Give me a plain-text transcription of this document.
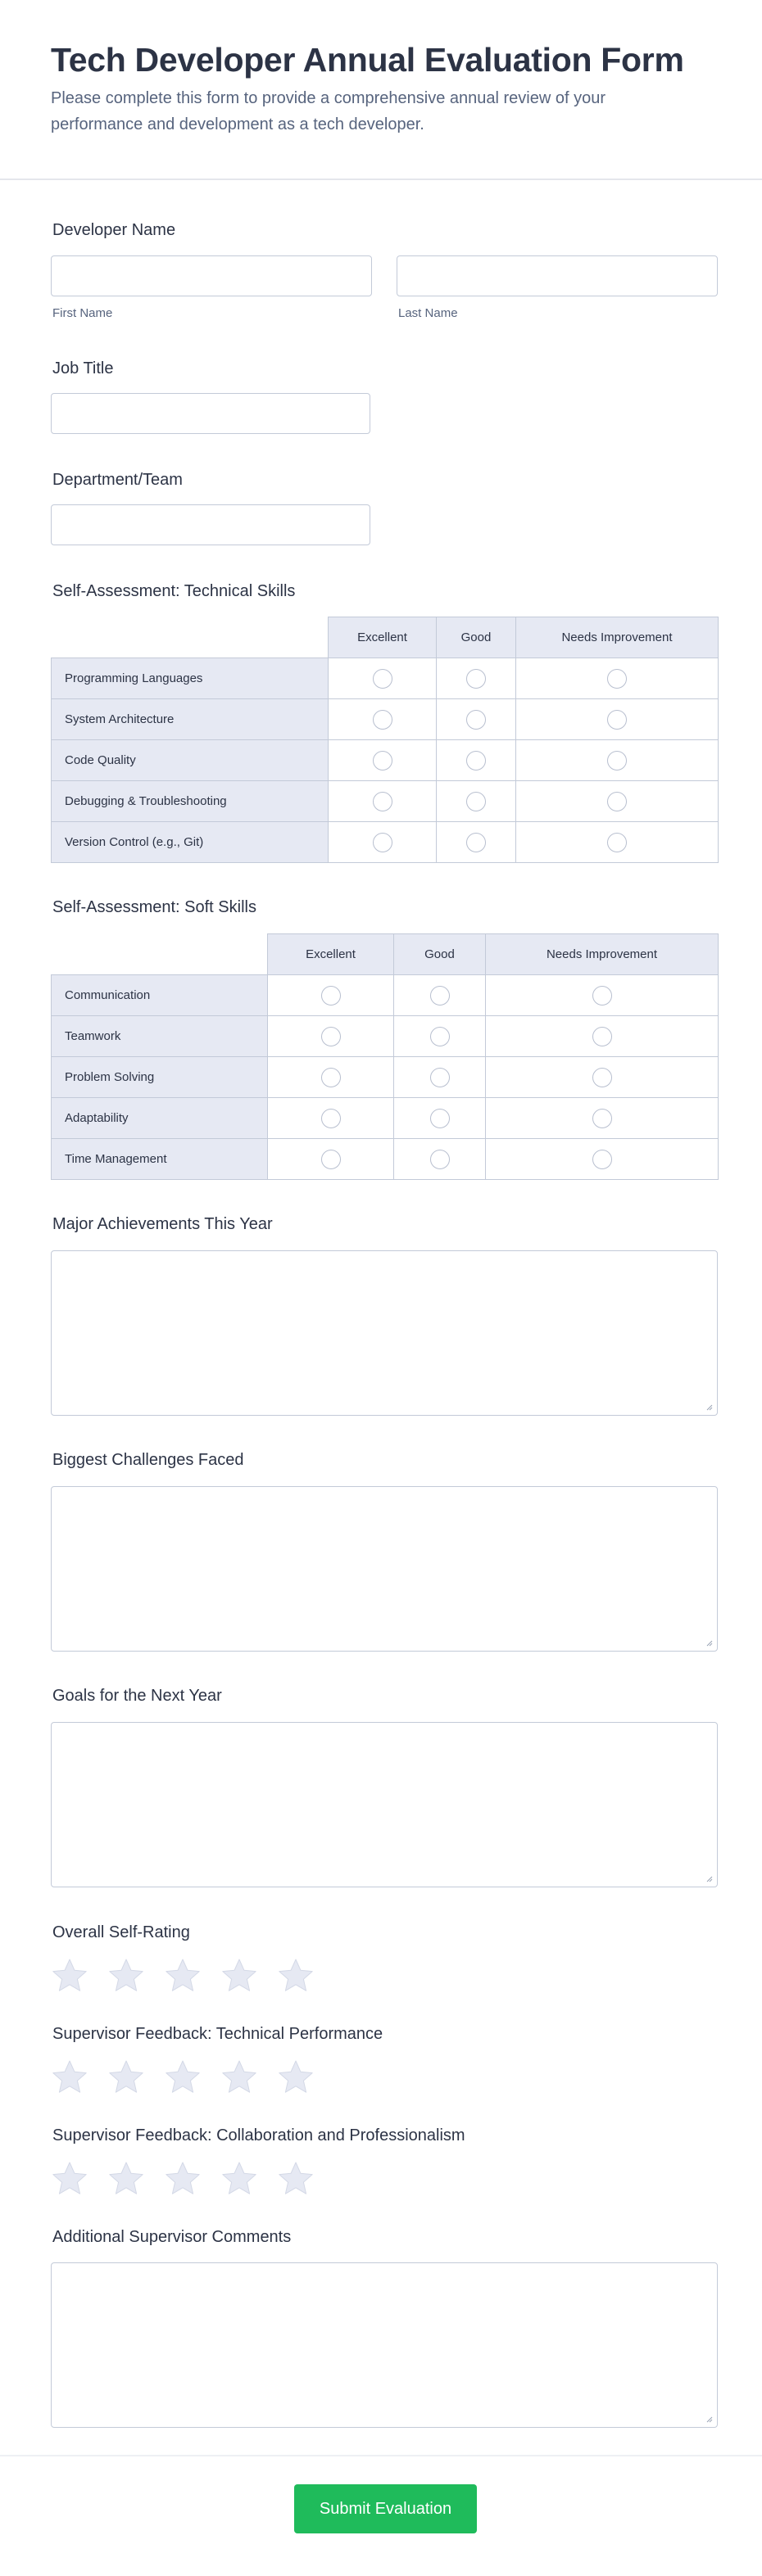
Tech Developer Annual Evaluation Form

Please complete this form to provide a comprehensive annual review of your performance and development as a tech developer.

Developer Name
First Name	Last Name
Job Title
Department/Team
Self-Assessment: Technical Skills
	Excellent	Good	Needs Improvement
Programming Languages			
System Architecture			
Code Quality			
Debugging & Troubleshooting			
Version Control (e.g., Git)			
Self-Assessment: Soft Skills
	Excellent	Good	Needs Improvement
Communication			
Teamwork			
Problem Solving			
Adaptability			
Time Management			
Major Achievements This Year
Biggest Challenges Faced
Goals for the Next Year
Overall Self-Rating
Supervisor Feedback: Technical Performance
Supervisor Feedback: Collaboration and Professionalism
Additional Supervisor Comments
Submit Evaluation
